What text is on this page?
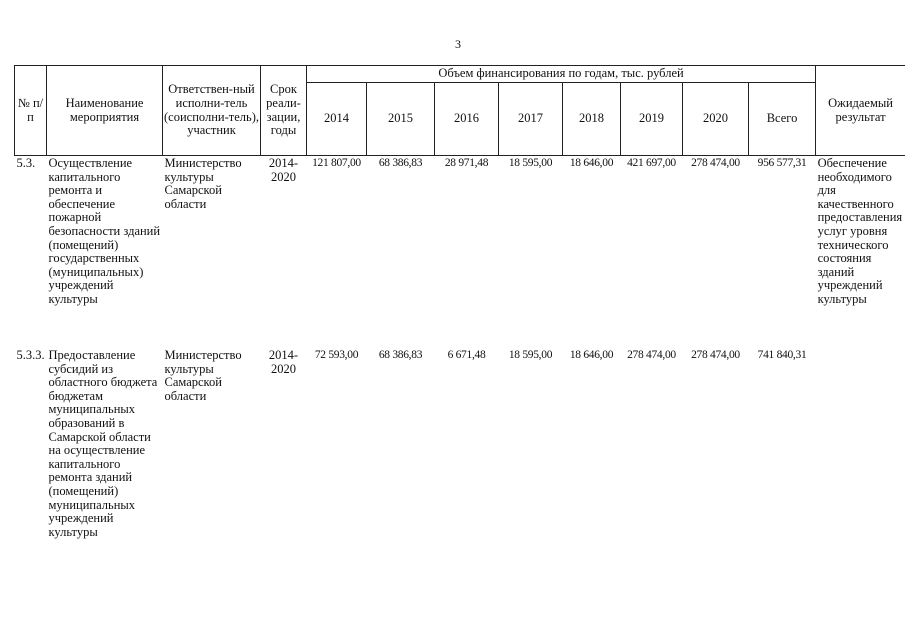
3
№ п/п	Наименование мероприятия	Ответствен-ный исполни-тель (соисполни-тель), участник	Срок реали-зации, годы	Объем финансирования по годам, тыс. рублей								Ожидаемый результат
				2014	2015	2016	2017	2018	2019	2020	Всего	
5.3.	Осуществление капитального ремонта и обеспечение пожарной безопасности зданий (помещений) государственных (муниципальных) учреждений культуры	Министерство культуры Самарской области	2014-2020	121 807,00	68 386,83	28 971,48	18 595,00	18 646,00	421 697,00	278 474,00	956 577,31	Обеспечение необходимого для качественного предоставления услуг уровня технического состояния зданий учреждений культуры
5.3.3.	Предоставление субсидий из областного бюджета бюджетам муниципальных образований в Самарской области на осуществление капитального ремонта зданий (помещений) муниципальных учреждений культуры	Министерство культуры Самарской области	2014-2020	72 593,00	68 386,83	6 671,48	18 595,00	18 646,00	278 474,00	278 474,00	741 840,31	
